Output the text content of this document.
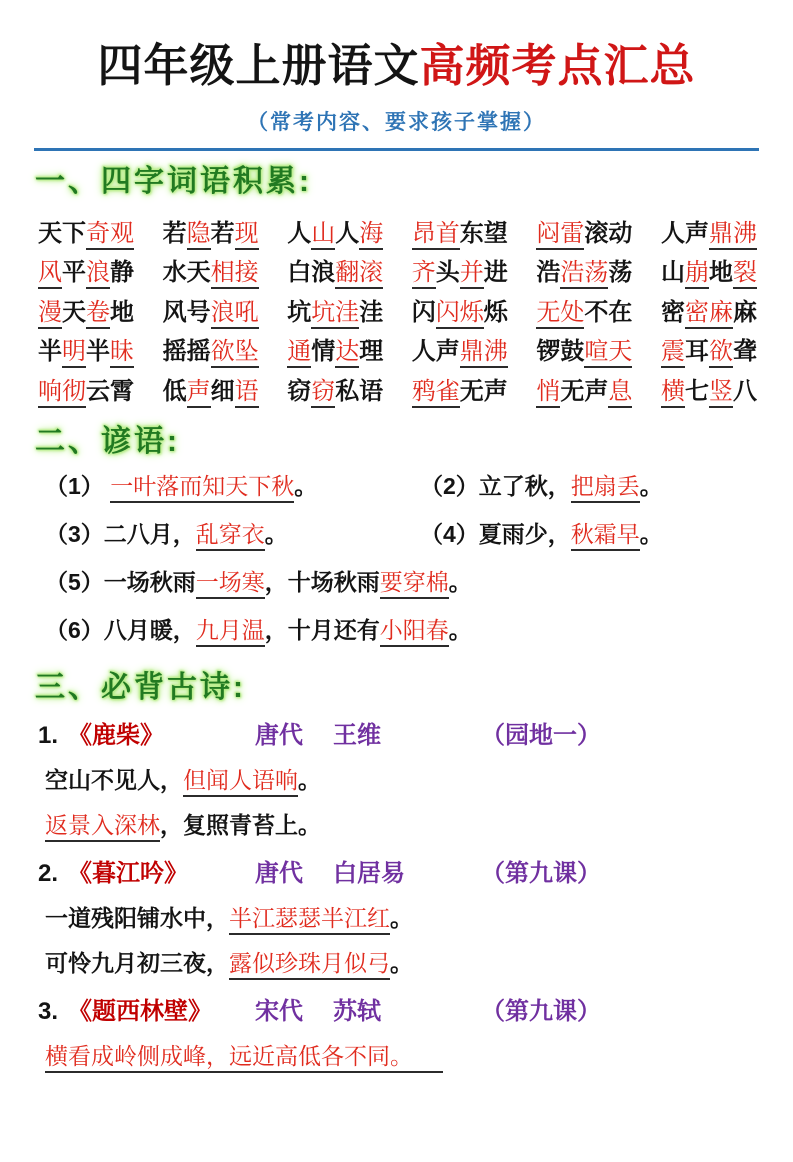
四年级上册语文高频考点汇总
（常考内容、要求孩子掌握）
一、四字词语积累:
天下奇观 若隐若现 人山人海 昂首东望 闷雷滚动 人声鼎沸
风平浪静 水天相接 白浪翻滚 齐头并进 浩浩荡荡 山崩地裂
漫天卷地 风号浪吼 坑坑洼洼 闪闪烁烁 无处不在 密密麻麻
半明半昧 摇摇欲坠 通情达理 人声鼎沸 锣鼓喧天 震耳欲聋
响彻云霄 低声细语 窃窃私语 鸦雀无声 悄无声息 横七竖八
二、谚语:
（1） 一叶落而知天下秋。	（2）立了秋，把扇丢。
（3）二八月，乱穿衣。	（4）夏雨少，秋霜早。
（5）一场秋雨一场寒，十场秋雨要穿棉。
（6）八月暖，九月温，十月还有小阳春。
三、必背古诗:
1. 《鹿柴》	唐代	王维	（园地一）
空山不见人，但闻人语响。
返景入深林，复照青苔上。
2. 《暮江吟》	唐代	白居易	（第九课）
一道残阳铺水中，半江瑟瑟半江红。
可怜九月初三夜，露似珍珠月似弓。
3. 《题西林壁》	宋代	苏轼	（第九课）
横看成岭侧成峰，远近高低各不同。
